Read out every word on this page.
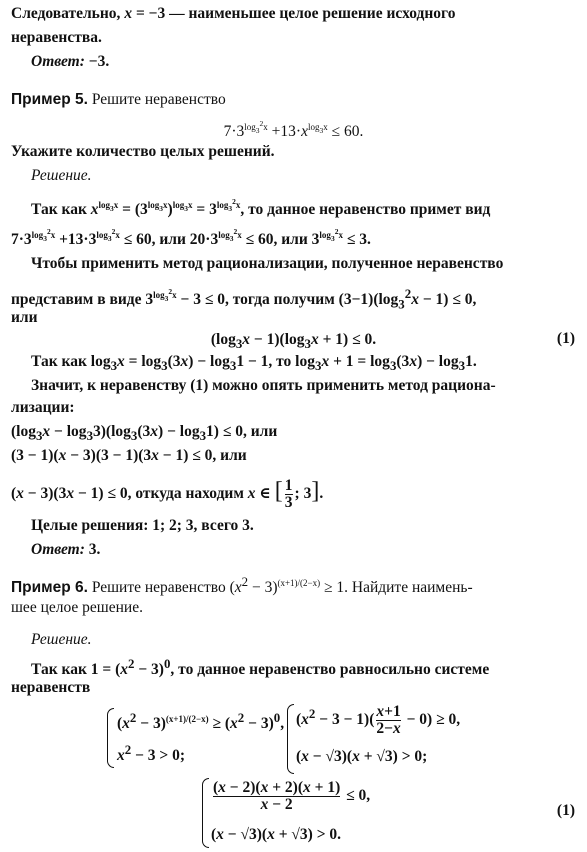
Следовательно, x = −3 — наименьшее целое решение исходного
неравенства.
Ответ: −3.
Пример 5. Решите неравенство
$7\cdot 3^{log_3^2x} +13\cdot x^{log_3x} \le 60$.
Укажите количество целых решений.
Решение.
Так как $x^{log_3x} = (3^{log_3x})^{log_3x} = 3^{log_3^2x}$, то данное неравенство примет вид
$7\cdot 3^{log_3^2x} +13\cdot 3^{log_3^2x} \le 60$, или $20\cdot 3^{log_3^2x} \le 60$, или $3^{log_3^2x} \le 3$.
Чтобы применить метод рационализации, полученное неравенство
представим в виде $3^{log_3^2x} - 3 \le 0$, тогда получим $(3-1)(\log_3^2x - 1) \le 0$,
или
$(\log_3x - 1)(\log_3x + 1) \le 0$.	(1)
Так как $\log_3x = \log_3(3x) - \log_31 - 1$, то $\log_3x + 1 = \log_3(3x) - \log_31$.
Значит, к неравенству (1) можно опять применить метод рациона-
лизации:
$(\log_3x - \log_33)(\log_3(3x) - \log_31) \le 0$, или
(3 − 1)(x − 3)(3 − 1)(3x − 1) ≤ 0, или
(x − 3)(3x − 1) ≤ 0, откуда находим x ∈ [ $\frac{1}{3}$ ; 3].
Целые решения: 1; 2; 3, всего 3.
Ответ: 3.
Пример 6. Решите неравенство $(x^2 - 3)^{(x+1)/(2-x)} \ge 1$. Найдите наимень-
шее целое решение.
Решение.
Так как $1 = (x^2 - 3)^0$, то данное неравенство равносильно системе
неравенств
$(x^2 - 3)^{(x+1)/(2-x)} \ge (x^2 - 3)^0$,
$x^2 - 3 > 0$;
$(x^2 - 3 - 1)( \frac{x+1}{2-x} - 0) \ge 0$,
(x − √3)(x + √3) > 0;
$\frac{(x - 2)(x + 2)(x + 1)}{x - 2} \le 0$,
(x − √3)(x + √3) > 0.
(1)
